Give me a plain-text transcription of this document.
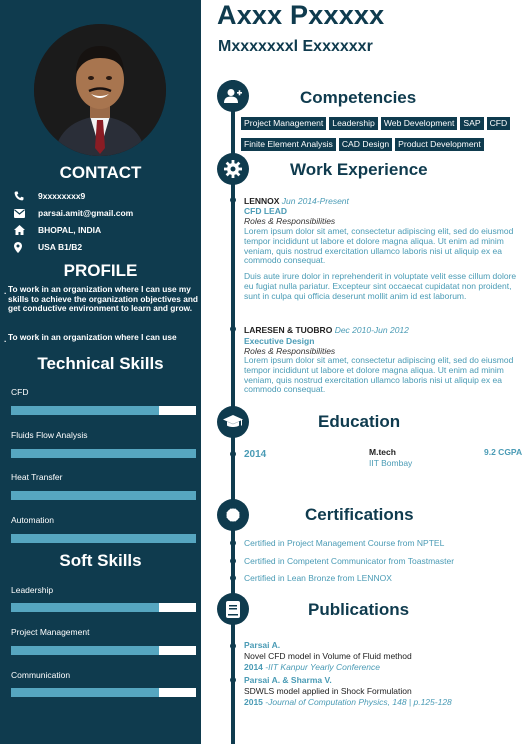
CONTACT
9xxxxxxxx9
parsai.amit@gmail.com
BHOPAL, INDIA
USA B1/B2
PROFILE
. To work in an organization where I can use my skills to achieve the organization objectives and get conductive environment to learn and grow.
. To work in an organization where I can use
Technical Skills
CFD
Fluids Flow Analysis
Heat Transfer
Automation
Soft Skills
Leadership
Project Management
Communication
Axxx Pxxxxx
Mxxxxxxxl Exxxxxxr
Competencies
Project Management Leadership Web Development SAP CFDFinite Element Analysis CAD Design Product Development
Work Experience
LENNOX Jun 2014-Present
CFD LEAD
Roles & Responsibilities
Lorem ipsum dolor sit amet, consectetur adipiscing elit, sed do eiusmod tempor incididunt ut labore et dolore magna aliqua. Ut enim ad minim veniam, quis nostrud exercitation ullamco laboris nisi ut aliquip ex ea commodo consequat.
Duis aute irure dolor in reprehenderit in voluptate velit esse cillum dolore eu fugiat nulla pariatur. Excepteur sint occaecat cupidatat non proident, sunt in culpa qui officia deserunt mollit anim id est laborum.
LARESEN & TUOBRO Dec 2010-Jun 2012
Executive Design
Roles & Responsibilities
Lorem ipsum dolor sit amet, consectetur adipiscing elit, sed do eiusmod tempor incididunt ut labore et dolore magna aliqua. Ut enim ad minim veniam, quis nostrud exercitation ullamco laboris nisi ut aliquip ex ea commodo consequat.
Education
2014	M.tech
IIT Bombay
9.2 CGPA
Certifications
Certified in Project Management Course from NPTEL
Certified in Competent Communicator from Toastmaster
Certified in Lean Bronze from LENNOX
Publications
Parsai A.
Novel CFD model in Volume of Fluid method
2014 -IIT Kanpur Yearly Conference
Parsai A. & Sharma V.
SDWLS model applied in Shock Formulation
2015 -Journal of Computation Physics, 148 | p.125-128
